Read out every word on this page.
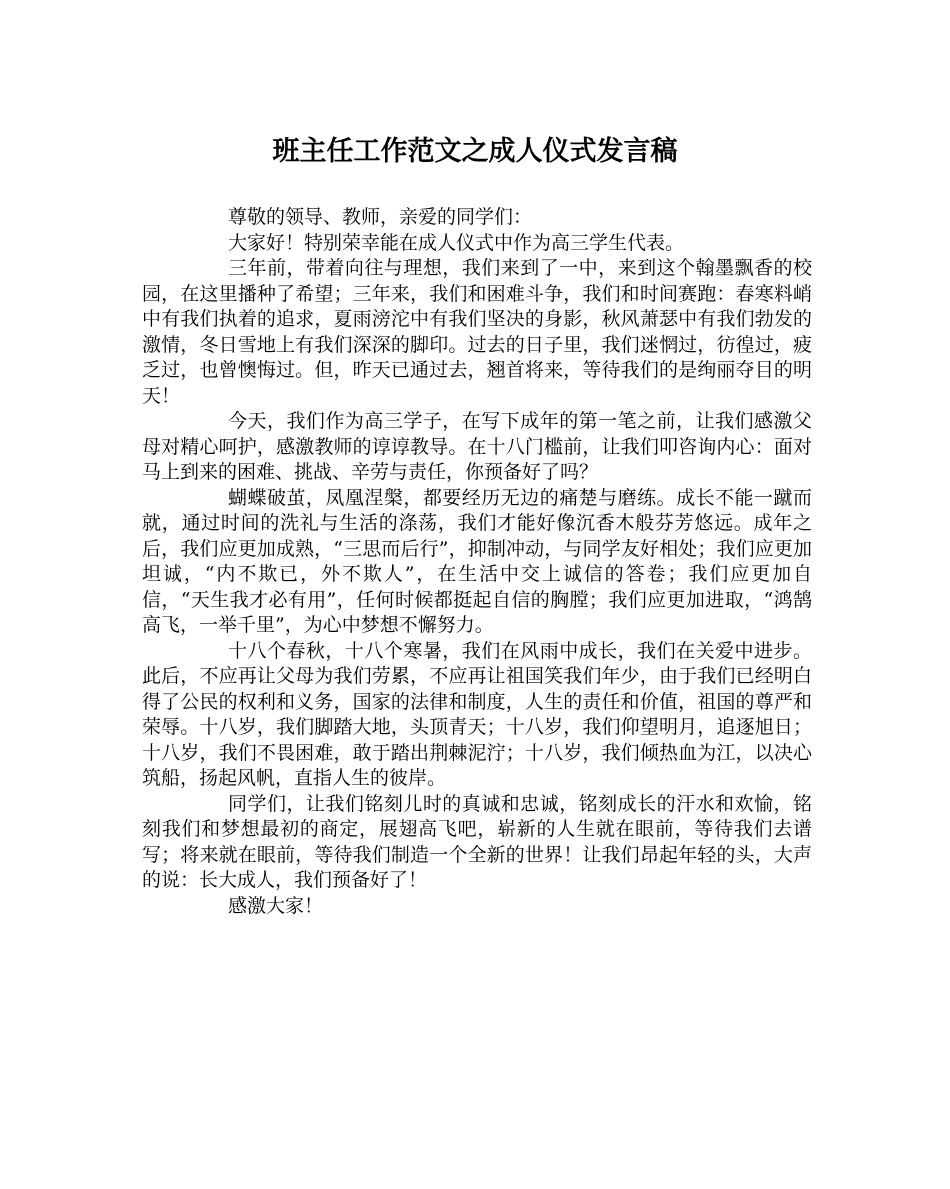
班主任工作范文之成人仪式发言稿

尊敬的领导、教师，亲爱的同学们：

大家好！特别荣幸能在成人仪式中作为高三学生代表。

三年前，带着向往与理想，我们来到了一中，来到这个翰墨飘香的校园，在这里播种了希望；三年来，我们和困难斗争，我们和时间赛跑：春寒料峭中有我们执着的追求，夏雨滂沱中有我们坚决的身影，秋风萧瑟中有我们勃发的激情，冬日雪地上有我们深深的脚印。过去的日子里，我们迷惘过，彷徨过，疲乏过，也曾懊悔过。但，昨天已通过去，翘首将来，等待我们的是绚丽夺目的明天！

今天，我们作为高三学子，在写下成年的第一笔之前，让我们感激父母对精心呵护，感激教师的谆谆教导。在十八门槛前，让我们叩咨询内心：面对马上到来的困难、挑战、辛劳与责任，你预备好了吗？

蝴蝶破茧，凤凰涅槃，都要经历无边的痛楚与磨练。成长不能一蹴而就，通过时间的洗礼与生活的涤荡，我们才能好像沉香木般芬芳悠远。成年之后，我们应更加成熟，“三思而后行”，抑制冲动，与同学友好相处；我们应更加坦诚，“内不欺已，外不欺人”，在生活中交上诚信的答卷；我们应更加自信，“天生我才必有用”，任何时候都挺起自信的胸膛；我们应更加进取，“鸿鹄高飞，一举千里”，为心中梦想不懈努力。

十八个春秋，十八个寒暑，我们在风雨中成长，我们在关爱中进步。此后，不应再让父母为我们劳累，不应再让祖国笑我们年少，由于我们已经明白得了公民的权利和义务，国家的法律和制度，人生的责任和价值，祖国的尊严和荣辱。十八岁，我们脚踏大地，头顶青天；十八岁，我们仰望明月，追逐旭日；十八岁，我们不畏困难，敢于踏出荆棘泥泞；十八岁，我们倾热血为江，以决心筑船，扬起风帆，直指人生的彼岸。

同学们，让我们铭刻儿时的真诚和忠诚，铭刻成长的汗水和欢愉，铭刻我们和梦想最初的商定，展翅高飞吧，崭新的人生就在眼前，等待我们去谱写；将来就在眼前，等待我们制造一个全新的世界！让我们昂起年轻的头，大声的说：长大成人，我们预备好了！

感激大家！
